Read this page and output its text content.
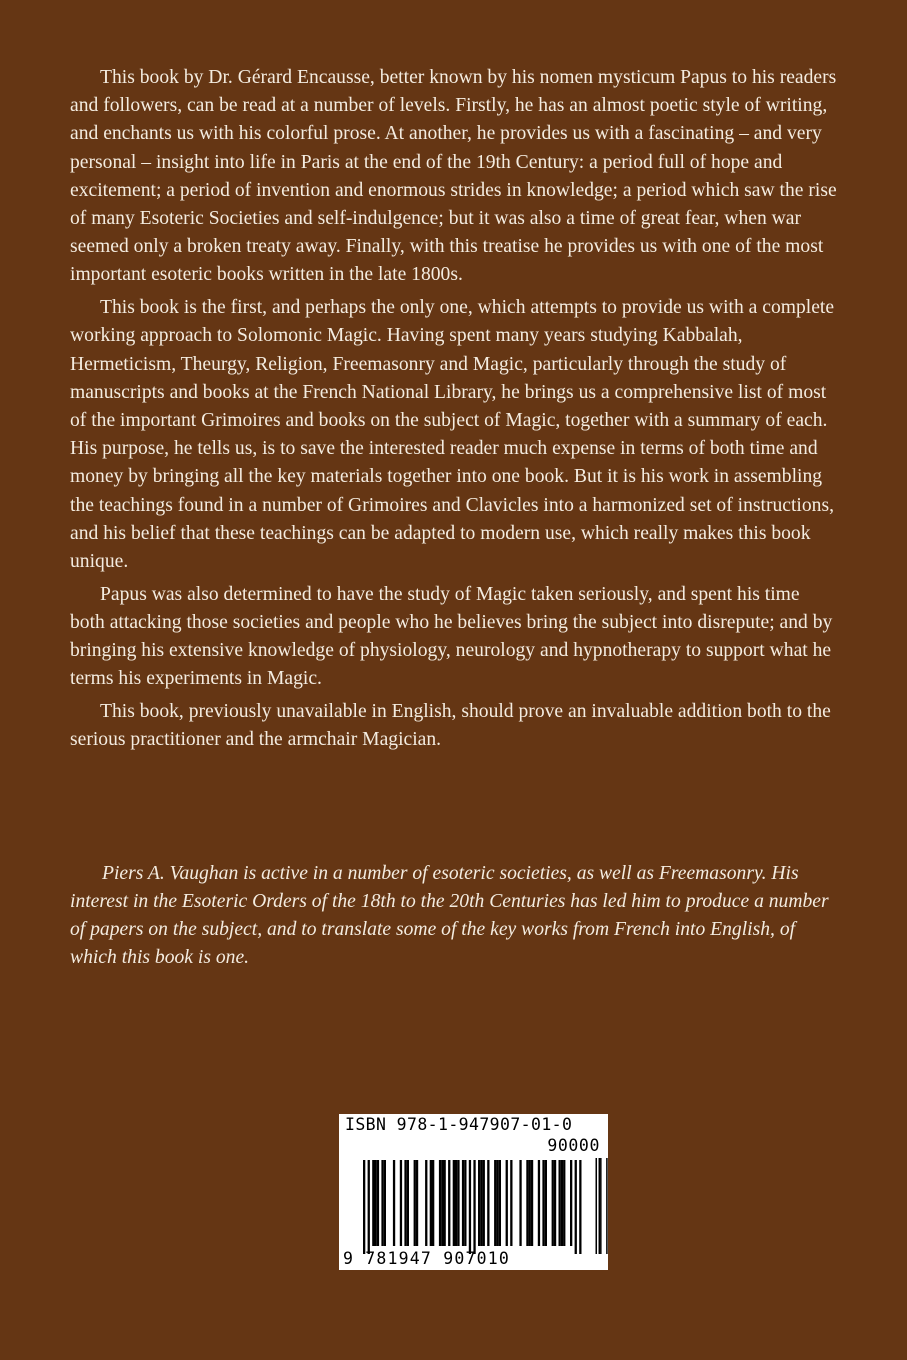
This book by Dr. Gérard Encausse, better known by his nomen mysticum Papus to his readers and followers, can be read at a number of levels. Firstly, he has an almost poetic style of writing, and enchants us with his colorful prose. At another, he provides us with a fascinating – and very personal – insight into life in Paris at the end of the 19th Century: a period full of hope and excitement; a period of invention and enormous strides in knowledge; a period which saw the rise of many Esoteric Societies and self-indulgence; but it was also a time of great fear, when war seemed only a broken treaty away. Finally, with this treatise he provides us with one of the most important esoteric books written in the late 1800s.

This book is the first, and perhaps the only one, which attempts to provide us with a complete working approach to Solomonic Magic. Having spent many years studying Kabbalah, Hermeticism, Theurgy, Religion, Freemasonry and Magic, particularly through the study of manuscripts and books at the French National Library, he brings us a comprehensive list of most of the important Grimoires and books on the subject of Magic, together with a summary of each. His purpose, he tells us, is to save the interested reader much expense in terms of both time and money by bringing all the key materials together into one book. But it is his work in assembling the teachings found in a number of Grimoires and Clavicles into a harmonized set of instructions, and his belief that these teachings can be adapted to modern use, which really makes this book unique.

Papus was also determined to have the study of Magic taken seriously, and spent his time both attacking those societies and people who he believes bring the subject into disrepute; and by bringing his extensive knowledge of physiology, neurology and hypnotherapy to support what he terms his experiments in Magic.

This book, previously unavailable in English, should prove an invaluable addition both to the serious practitioner and the armchair Magician.

Piers A. Vaughan is active in a number of esoteric societies, as well as Freemasonry. His interest in the Esoteric Orders of the 18th to the 20th Centuries has led him to produce a number of papers on the subject, and to translate some of the key works from French into English, of which this book is one.

ISBN 978-1-947907-01-0
90000
9 781947 907010
